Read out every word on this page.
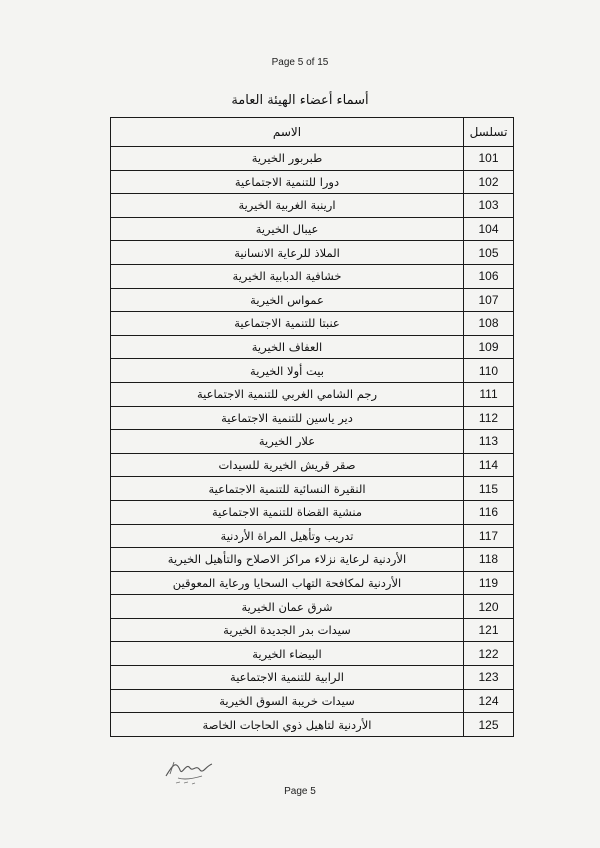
Page 5 of 15
أسماء أعضاء الهيئة العامة
تسلسل	الاسم
101	طبربور الخيرية
102	دورا للتنمية الاجتماعية
103	ارينبة الغربية الخيرية
104	عيبال الخيرية
105	الملاذ للرعاية الانسانية
106	خشافية الدبابية الخيرية
107	عمواس الخيرية
108	عنبتا للتنمية الاجتماعية
109	العفاف الخيرية
110	بيت أولا الخيرية
111	رجم الشامي الغربي للتنمية الاجتماعية
112	دير ياسين للتنمية الاجتماعية
113	علار الخيرية
114	صقر قريش الخيرية للسيدات
115	النقيرة النسائية للتنمية الاجتماعية
116	منشية القضاة للتنمية الاجتماعية
117	تدريب وتأهيل المراة الأردنية
118	الأردنية لرعاية نزلاء مراكز الاصلاح والتأهيل الخيرية
119	الأردنية لمكافحة التهاب السحايا ورعاية المعوقين
120	شرق عمان الخيرية
121	سيدات بدر الجديدة الخيرية
122	البيضاء الخيرية
123	الرابية للتنمية الاجتماعية
124	سيدات خريبة السوق الخيرية
125	الأردنية لتاهيل ذوي الحاجات الخاصة
Page 5
